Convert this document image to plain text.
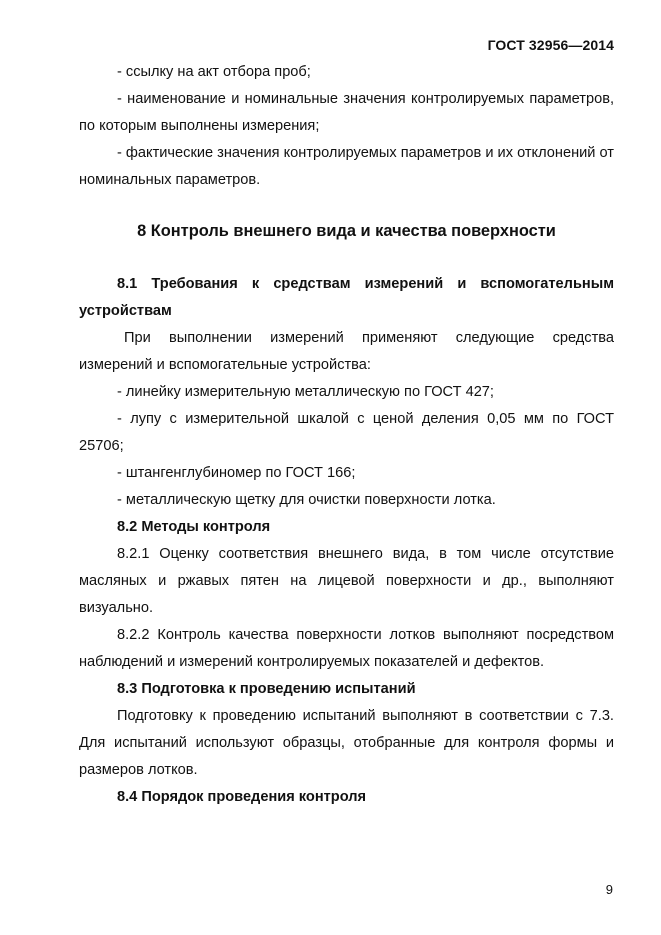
ГОСТ 32956—2014

- ссылку на акт отбора проб;

- наименование и номинальные значения контролируемых параметров, по которым выполнены измерения;

- фактические значения контролируемых параметров и их отклонений от номинальных параметров.

8 Контроль внешнего вида и качества поверхности

8.1 Требования к средствам измерений и вспомогательным устройствам

При выполнении измерений применяют следующие средства измерений и вспомогательные устройства:

- линейку измерительную металлическую по ГОСТ 427;

- лупу с измерительной шкалой с ценой деления 0,05 мм по ГОСТ 25706;

- штангенглубиномер по ГОСТ 166;

- металлическую щетку для очистки поверхности лотка.

8.2 Методы контроля

8.2.1 Оценку соответствия внешнего вида, в том числе отсутствие масляных и ржавых пятен на лицевой поверхности и др., выполняют визуально.

8.2.2 Контроль качества поверхности лотков выполняют посредством наблюдений и измерений контролируемых показателей и дефектов.

8.3 Подготовка к проведению испытаний

Подготовку к проведению испытаний выполняют в соответствии с 7.3. Для испытаний используют образцы, отобранные для контроля формы и размеров лотков.

8.4 Порядок проведения контроля

9
